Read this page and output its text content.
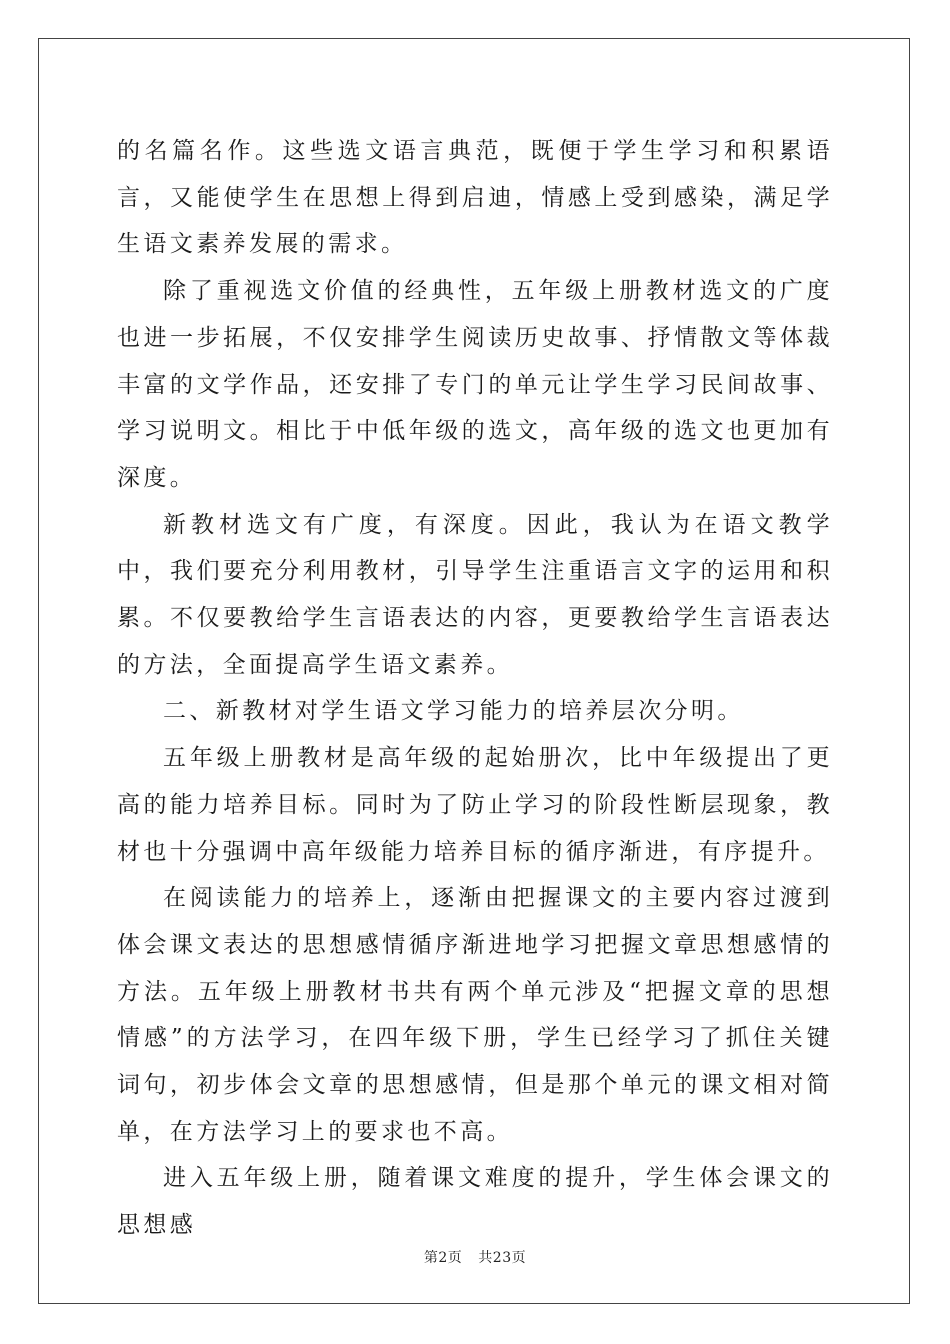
的名篇名作。这些选文语言典范，既便于学生学习和积累语言，又能使学生在思想上得到启迪，情感上受到感染，满足学生语文素养发展的需求。

除了重视选文价值的经典性，五年级上册教材选文的广度也进一步拓展，不仅安排学生阅读历史故事、抒情散文等体裁丰富的文学作品，还安排了专门的单元让学生学习民间故事、学习说明文。相比于中低年级的选文，高年级的选文也更加有深度。

新教材选文有广度，有深度。因此，我认为在语文教学中，我们要充分利用教材，引导学生注重语言文字的运用和积累。不仅要教给学生言语表达的内容，更要教给学生言语表达的方法，全面提高学生语文素养。

二、新教材对学生语文学习能力的培养层次分明。

五年级上册教材是高年级的起始册次，比中年级提出了更高的能力培养目标。同时为了防止学习的阶段性断层现象，教材也十分强调中高年级能力培养目标的循序渐进，有序提升。

在阅读能力的培养上，逐渐由把握课文的主要内容过渡到体会课文表达的思想感情循序渐进地学习把握文章思想感情的方法。五年级上册教材书共有两个单元涉及“把握文章的思想情感”的方法学习，在四年级下册，学生已经学习了抓住关键词句，初步体会文章的思想感情，但是那个单元的课文相对简单，在方法学习上的要求也不高。

进入五年级上册，随着课文难度的提升，学生体会课文的思想感

第2页 共23页
